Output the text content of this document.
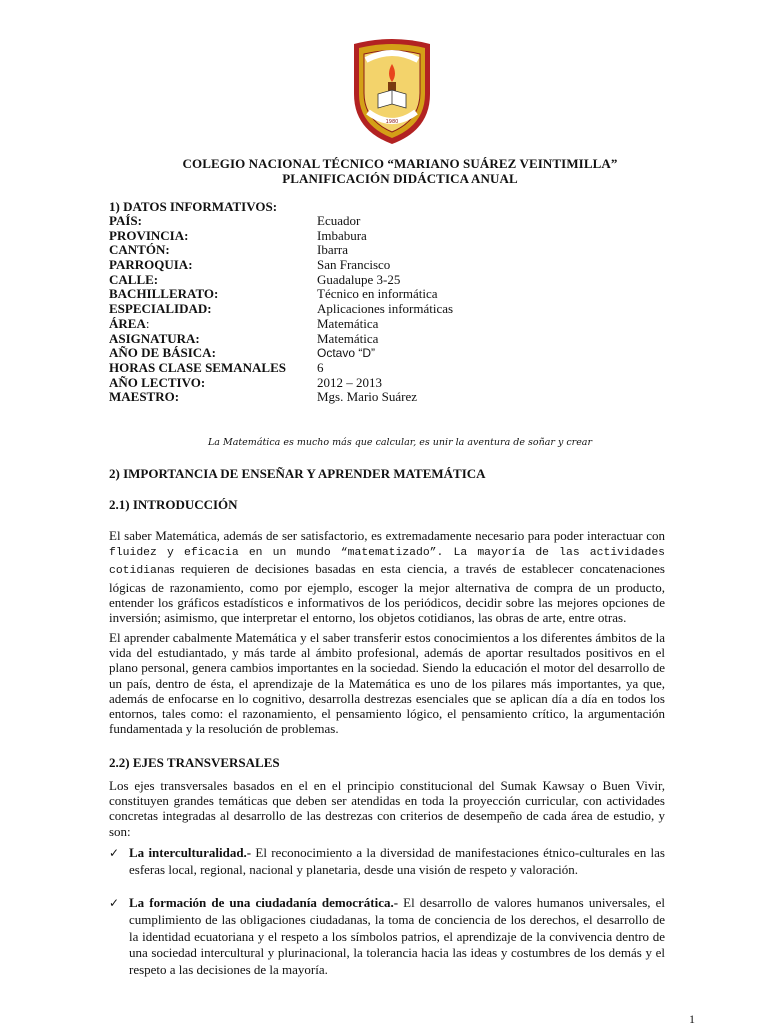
1980
COLEGIO NACIONAL TÉCNICO “MARIANO SUÁREZ VEINTIMILLA”
PLANIFICACIÓN DIDÁCTICA ANUAL
1) DATOS INFORMATIVOS:
PAÍS:	Ecuador
PROVINCIA:	Imbabura
CANTÓN:	Ibarra
PARROQUIA:	San Francisco
CALLE:	Guadalupe 3-25
BACHILLERATO:	Técnico en informática
ESPECIALIDAD:	Aplicaciones informáticas
ÁREA:	Matemática
ASIGNATURA:	Matemática
AÑO DE BÁSICA:	Octavo “D”
HORAS CLASE SEMANALES	6
AÑO LECTIVO:	2012 – 2013
MAESTRO:	Mgs. Mario Suárez
La Matemática es mucho más que calcular, es unir la aventura de soñar y crear
2) IMPORTANCIA DE ENSEÑAR Y APRENDER MATEMÁTICA
2.1) INTRODUCCIÓN

El saber Matemática, además de ser satisfactorio, es extremadamente necesario para poder interactuar con fluidez y eficacia en un mundo “matematizado”. La mayoría de las actividades cotidianas requieren de decisiones basadas en esta ciencia, a través de establecer concatenaciones lógicas de razonamiento, como por ejemplo, escoger la mejor alternativa de compra de un producto, entender los gráficos estadísticos e informativos de los periódicos, decidir sobre las mejores opciones de inversión; asimismo, que interpretar el entorno, los objetos cotidianos, las obras de arte, entre otras.

El aprender cabalmente Matemática y el saber transferir estos conocimientos a los diferentes ámbitos de la vida del estudiantado, y más tarde al ámbito profesional, además de aportar resultados positivos en el plano personal, genera cambios importantes en la sociedad. Siendo la educación el motor del desarrollo de un país, dentro de ésta, el aprendizaje de la Matemática es uno de los pilares más importantes, ya que, además de enfocarse en lo cognitivo, desarrolla destrezas esenciales que se aplican día a día en todos los entornos, tales como: el razonamiento, el pensamiento lógico, el pensamiento crítico, la argumentación fundamentada y la resolución de problemas.

2.2) EJES TRANSVERSALES

Los ejes transversales basados en el en el principio constitucional del Sumak Kawsay o Buen Vivir, constituyen grandes temáticas que deben ser atendidas en toda la proyección curricular, con actividades concretas integradas al desarrollo de las destrezas con criterios de desempeño de cada área de estudio, y son:

✓ La interculturalidad.- El reconocimiento a la diversidad de manifestaciones étnico-culturales en las esferas local, regional, nacional y planetaria, desde una visión de respeto y valoración.
✓ La formación de una ciudadanía democrática.- El desarrollo de valores humanos universales, el cumplimiento de las obligaciones ciudadanas, la toma de conciencia de los derechos, el desarrollo de la identidad ecuatoriana y el respeto a los símbolos patrios, el aprendizaje de la convivencia dentro de una sociedad intercultural y plurinacional, la tolerancia hacia las ideas y costumbres de los demás y el respeto a las decisiones de la mayoría.
1
